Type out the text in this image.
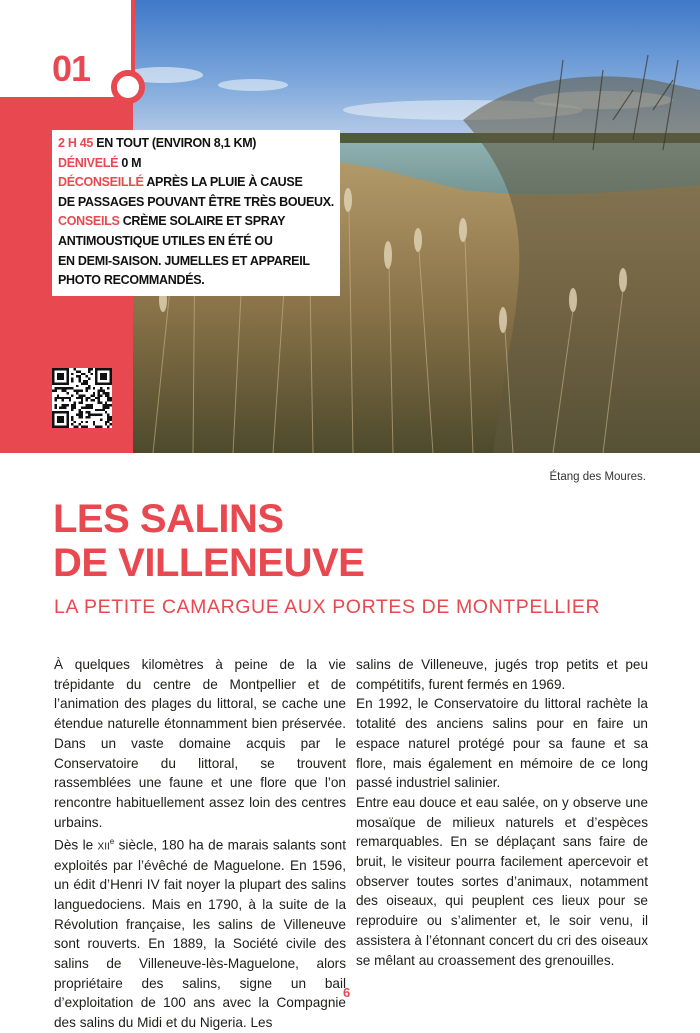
01
2 H 45 EN TOUT (ENVIRON 8,1 KM)
DÉNIVELÉ 0 M
DÉCONSEILLÉ APRÈS LA PLUIE À CAUSE
DE PASSAGES POUVANT ÊTRE TRÈS BOUEUX.
CONSEILS CRÈME SOLAIRE ET SPRAY
ANTIMOUSTIQUE UTILES EN ÉTÉ OU
EN DEMI-SAISON. JUMELLES ET APPAREIL
PHOTO RECOMMANDÉS.
Étang des Moures.
LES SALINS
DE VILLENEUVE
LA PETITE CAMARGUE AUX PORTES DE MONTPELLIER

À quelques kilomètres à peine de la vie trépidante du centre de Montpellier et de l’animation des plages du littoral, se cache une étendue naturelle étonnamment bien préservée. Dans un vaste domaine acquis par le Conservatoire du littoral, se trouvent rassemblées une faune et une flore que l’on rencontre habituellement assez loin des centres urbains.

Dès le xii$^e$ siècle, 180 ha de marais salants sont exploités par l’évêché de Maguelone. En 1596, un édit d’Henri IV fait noyer la plupart des salins languedociens. Mais en 1790, à la suite de la Révolution française, les salins de Villeneuve sont rouverts. En 1889, la Société civile des salins de Villeneuve-lès-Maguelone, alors propriétaire des salins, signe un bail d’exploitation de 100 ans avec la Compagnie des salins du Midi et du Nigeria. Les

salins de Villeneuve, jugés trop petits et peu compétitifs, furent fermés en 1969.

En 1992, le Conservatoire du littoral rachète la totalité des anciens salins pour en faire un espace naturel protégé pour sa faune et sa flore, mais également en mémoire de ce long passé industriel salinier.

Entre eau douce et eau salée, on y observe une mosaïque de milieux naturels et d’espèces remarquables. En se déplaçant sans faire de bruit, le visiteur pourra facilement apercevoir et observer toutes sortes d’animaux, notamment des oiseaux, qui peuplent ces lieux pour se reproduire ou s’alimenter et, le soir venu, il assistera à l’étonnant concert du cri des oiseaux se mêlant au croassement des grenouilles.

6
